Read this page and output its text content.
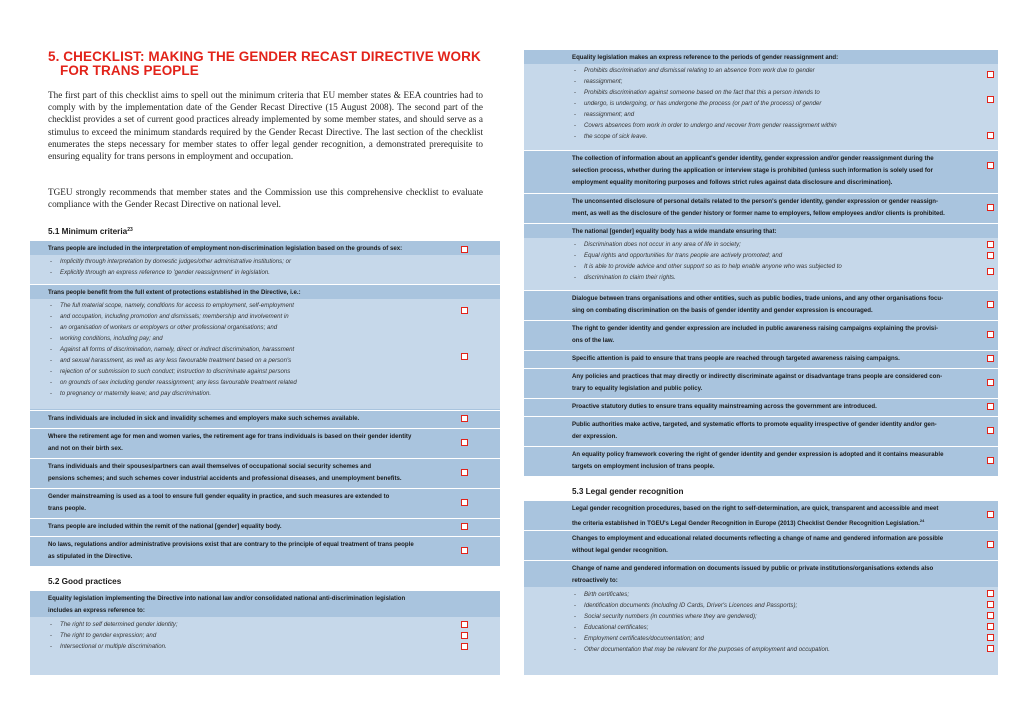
5. CHECKLIST: MAKING THE GENDER RECAST DIRECTIVE WORK
FOR TRANS PEOPLE

The first part of this checklist aims to spell out the minimum criteria that EU member states & EEA countries had to comply with by the implementation date of the Gender Recast Directive (15 August 2008). The second part of the checklist provides a set of current good practices already implemented by some member states, and should serve as a stimulus to exceed the minimum standards required by the Gender Recast Directive. The last section of the checklist enumerates the steps necessary for member states to offer legal gender recognition, a demonstrated prerequisite to ensuring equality for trans persons in employment and occupation.

TGEU strongly recommends that member states and the Commission use this comprehensive checklist to evaluate compliance with the Gender Recast Directive on national level.

5.1 Minimum criteria$^{23}$
Trans people are included in the interpretation of employment non-discrimination legislation based on the grounds of sex:
- Implicitly through interpretation by domestic judges/other administrative institutions; or
- Explicitly through an express reference to 'gender reassignment' in legislation.
Trans people benefit from the full extent of protections established in the Directive, i.e.:
- The full material scope, namely, conditions for access to employment, self-employment
- and occupation, including promotion and dismissals; membership and involvement in
- an organisation of workers or employers or other professional organisations; and
- working conditions, including pay; and
- Against all forms of discrimination, namely, direct or indirect discrimination, harassment
- and sexual harassment, as well as any less favourable treatment based on a person's
- rejection of or submission to such conduct; instruction to discriminate against persons
- on grounds of sex including gender reassignment; any less favourable treatment related
- to pregnancy or maternity leave; and pay discrimination.
Trans individuals are included in sick and invalidity schemes and employers make such schemes available.
Where the retirement age for men and women varies, the retirement age for trans individuals is based on their gender identity
and not on their birth sex.
Trans individuals and their spouses/partners can avail themselves of occupational social security schemes and
pensions schemes; and such schemes cover industrial accidents and professional diseases, and unemployment benefits.
Gender mainstreaming is used as a tool to ensure full gender equality in practice, and such measures are extended to
trans people.
Trans people are included within the remit of the national [gender] equality body.
No laws, regulations and/or administrative provisions exist that are contrary to the principle of equal treatment of trans people
as stipulated in the Directive.
5.2 Good practices
Equality legislation implementing the Directive into national law and/or consolidated national anti-discrimination legislation
includes an express reference to:
- The right to self determined gender identity;
- The right to gender expression; and
- Intersectional or multiple discrimination.
Equality legislation makes an express reference to the periods of gender reassignment and:
- Prohibits discrimination and dismissal relating to an absence from work due to gender
- reassignment;
- Prohibits discrimination against someone based on the fact that this a person intends to
- undergo, is undergoing, or has undergone the process (or part of the process) of gender
- reassignment; and
- Covers absences from work in order to undergo and recover from gender reassignment within
- the scope of sick leave.
The collection of information about an applicant's gender identity, gender expression and/or gender reassignment during the
selection process, whether during the application or interview stage is prohibited (unless such information is solely used for
employment equality monitoring purposes and follows strict rules against data disclosure and discrimination).
The unconsented disclosure of personal details related to the person's gender identity, gender expression or gender reassign-
ment, as well as the disclosure of the gender history or former name to employers, fellow employees and/or clients is prohibited.
The national [gender] equality body has a wide mandate ensuring that:
- Discrimination does not occur in any area of life in society;
- Equal rights and opportunities for trans people are actively promoted; and
- It is able to provide advice and other support so as to help enable anyone who was subjected to
- discrimination to claim their rights.
Dialogue between trans organisations and other entities, such as public bodies, trade unions, and any other organisations focu-
sing on combating discrimination on the basis of gender identity and gender expression is encouraged.
The right to gender identity and gender expression are included in public awareness raising campaigns explaining the provisi-
ons of the law.
Specific attention is paid to ensure that trans people are reached through targeted awareness raising campaigns.
Any policies and practices that may directly or indirectly discriminate against or disadvantage trans people are considered con-
trary to equality legislation and public policy.
Proactive statutory duties to ensure trans equality mainstreaming across the government are introduced.
Public authorities make active, targeted, and systematic efforts to promote equality irrespective of gender identity and/or gen-
der expression.
An equality policy framework covering the right of gender identity and gender expression is adopted and it contains measurable
targets on employment inclusion of trans people.
5.3 Legal gender recognition
Legal gender recognition procedures, based on the right to self-determination, are quick, transparent and accessible and meet
the criteria established in TGEU's Legal Gender Recognition in Europe (2013) Checklist Gender Recognition Legislation.$^{24}$
Changes to employment and educational related documents reflecting a change of name and gendered information are possible
without legal gender recognition.
Change of name and gendered information on documents issued by public or private institutions/organisations extends also
retroactively to:
- Birth certificates;
- Identification documents (including ID Cards, Driver's Licences and Passports);
- Social security numbers (in countries where they are gendered);
- Educational certificates;
- Employment certificates/documentation; and
- Other documentation that may be relevant for the purposes of employment and occupation.
